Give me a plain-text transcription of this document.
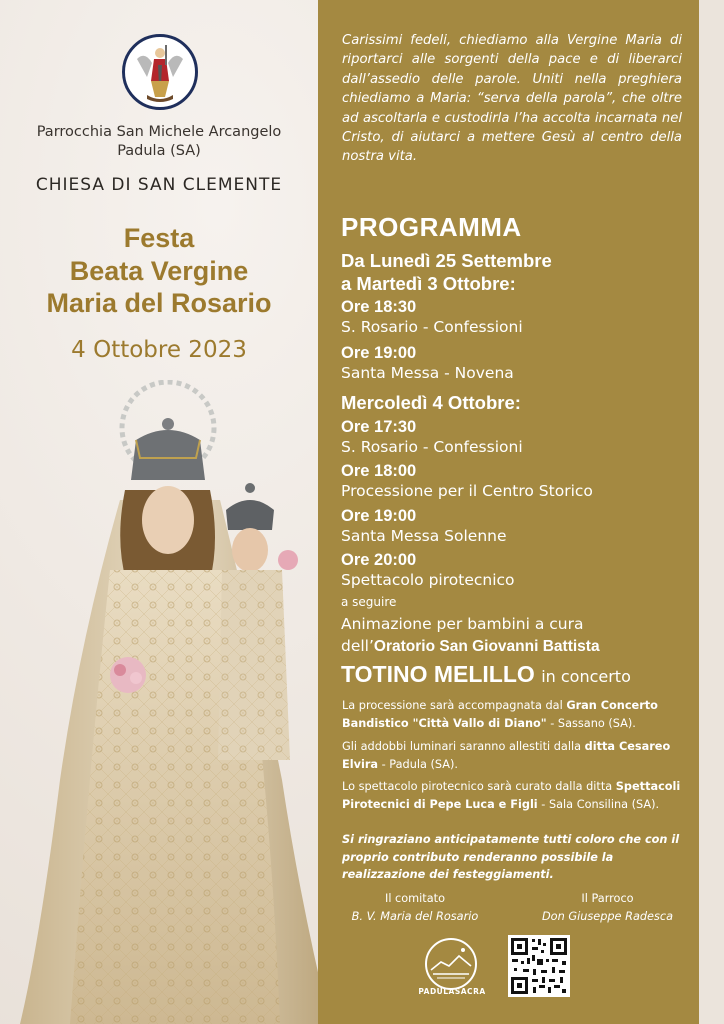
Parrocchia San Michele Arcangelo
Padula (SA)
CHIESA DI SAN CLEMENTE
Festa
Beata Vergine
Maria del Rosario
4 Ottobre 2023
Carissimi fedeli, chiediamo alla Vergine Maria di riportarci alle sorgenti della pace e di liberarci dall’assedio delle parole. Uniti nella preghiera chiediamo a Maria: “serva della parola”, che oltre ad ascoltarla e custodirla l’ha accolta incarnata nel Cristo, di aiutarci a mettere Gesù al centro della nostra vita.
PROGRAMMA
Da Lunedì 25 Settembre
a Martedì 3 Ottobre:
Ore 18:30
S. Rosario - Confessioni
Ore 19:00
Santa Messa - Novena
Mercoledì 4 Ottobre:
Ore 17:30
S. Rosario - Confessioni
Ore 18:00
Processione per il Centro Storico
Ore 19:00
Santa Messa Solenne
Ore 20:00
Spettacolo pirotecnico
a seguire
Animazione per bambini a cura
dell’Oratorio San Giovanni Battista
TOTINO MELILLO in concerto
La processione sarà accompagnata dal Gran Concerto Bandistico "Città Vallo di Diano" - Sassano (SA).
Gli addobbi luminari saranno allestiti dalla ditta Cesareo Elvira - Padula (SA).
Lo spettacolo pirotecnico sarà curato dalla ditta Spettacoli Pirotecnici di Pepe Luca e Figli - Sala Consilina (SA).
Si ringraziano anticipatamente tutti coloro che con il proprio contributo renderanno possibile la realizzazione dei festeggiamenti.
Il comitato
B. V. Maria del Rosario
Il Parroco
Don Giuseppe Radesca
PADULASACRA
